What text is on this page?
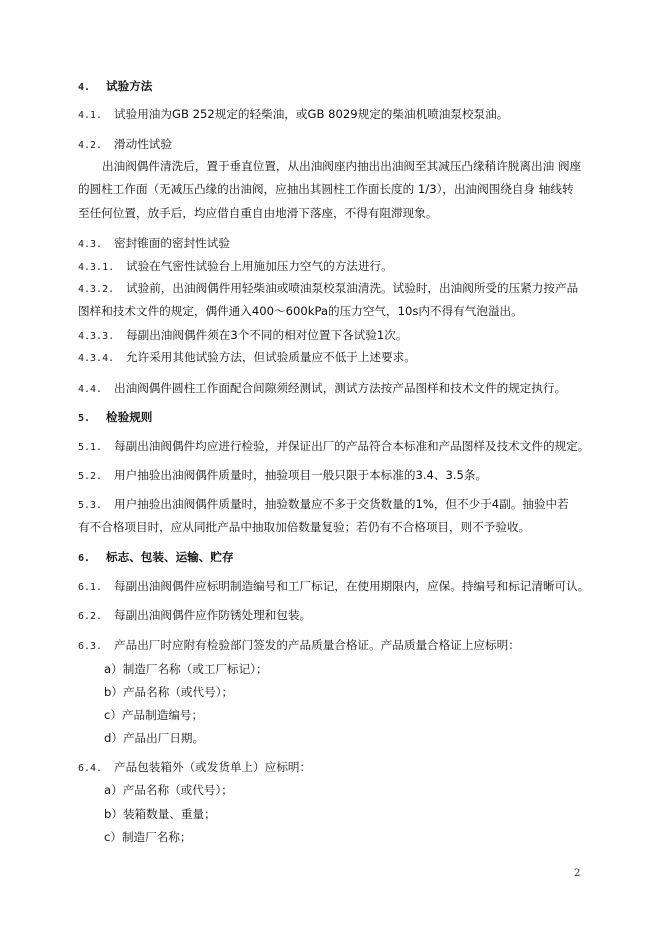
4. 试验方法
4.1. 试验用油为GB 252规定的轻柴油，或GB 8029规定的柴油机喷油泵校泵油。
4.2. 滑动性试验
出油阀偶件清洗后，置于垂直位置，从出油阀座内抽出出油阀至其减压凸缘稍许脱离出油 阀座
的圆柱工作面（无减压凸缘的出油阀，应抽出其圆柱工作面长度的 1/3），出油阀围绕自身 轴线转
至任何位置，放手后，均应借自重自由地滑下落座，不得有阻滞现象。
4.3. 密封锥面的密封性试验
4.3.1. 试验在气密性试验台上用施加压力空气的方法进行。
4.3.2. 试验前，出油阀偶件用轻柴油或喷油泵校泵油清洗。试验时，出油阀所受的压紧力按产品
图样和技术文件的规定，偶件通入400～600kPa的压力空气，10s内不得有气泡溢出。
4.3.3. 每副出油阀偶件须在3个不同的相对位置下各试验1次。
4.3.4. 允许采用其他试验方法，但试验质量应不低于上述要求。
4.4. 出油阀偶件圆柱工作面配合间隙须经测试，测试方法按产品图样和技术文件的规定执行。
5. 检验规则
5.1. 每副出油阀偶件均应进行检验，并保证出厂的产品符合本标准和产品图样及技术文件的规定。
5.2. 用户抽验出油阀偶件质量时，抽验项目一般只限于本标准的3.4、3.5条。
5.3. 用户抽验出油阀偶件质量时，抽验数量应不多于交货数量的1%，但不少于4副。抽验中若
有不合格项目时，应从同批产品中抽取加倍数量复验；若仍有不合格项目，则不予验收。
6. 标志、包装、运输、贮存
6.1. 每副出油阀偶件应标明制造编号和工厂标记，在使用期限内，应保。持编号和标记清晰可认。
6.2. 每副出油阀偶件应作防锈处理和包装。
6.3. 产品出厂时应附有检验部门签发的产品质量合格证。产品质量合格证上应标明：
a）制造厂名称（或工厂标记）；
b）产品名称（或代号）；
c）产品制造编号；
d）产品出厂日期。
6.4. 产品包装箱外（或发货单上）应标明：
a）产品名称（或代号）；
b）装箱数量、重量；
c）制造厂名称；
2
